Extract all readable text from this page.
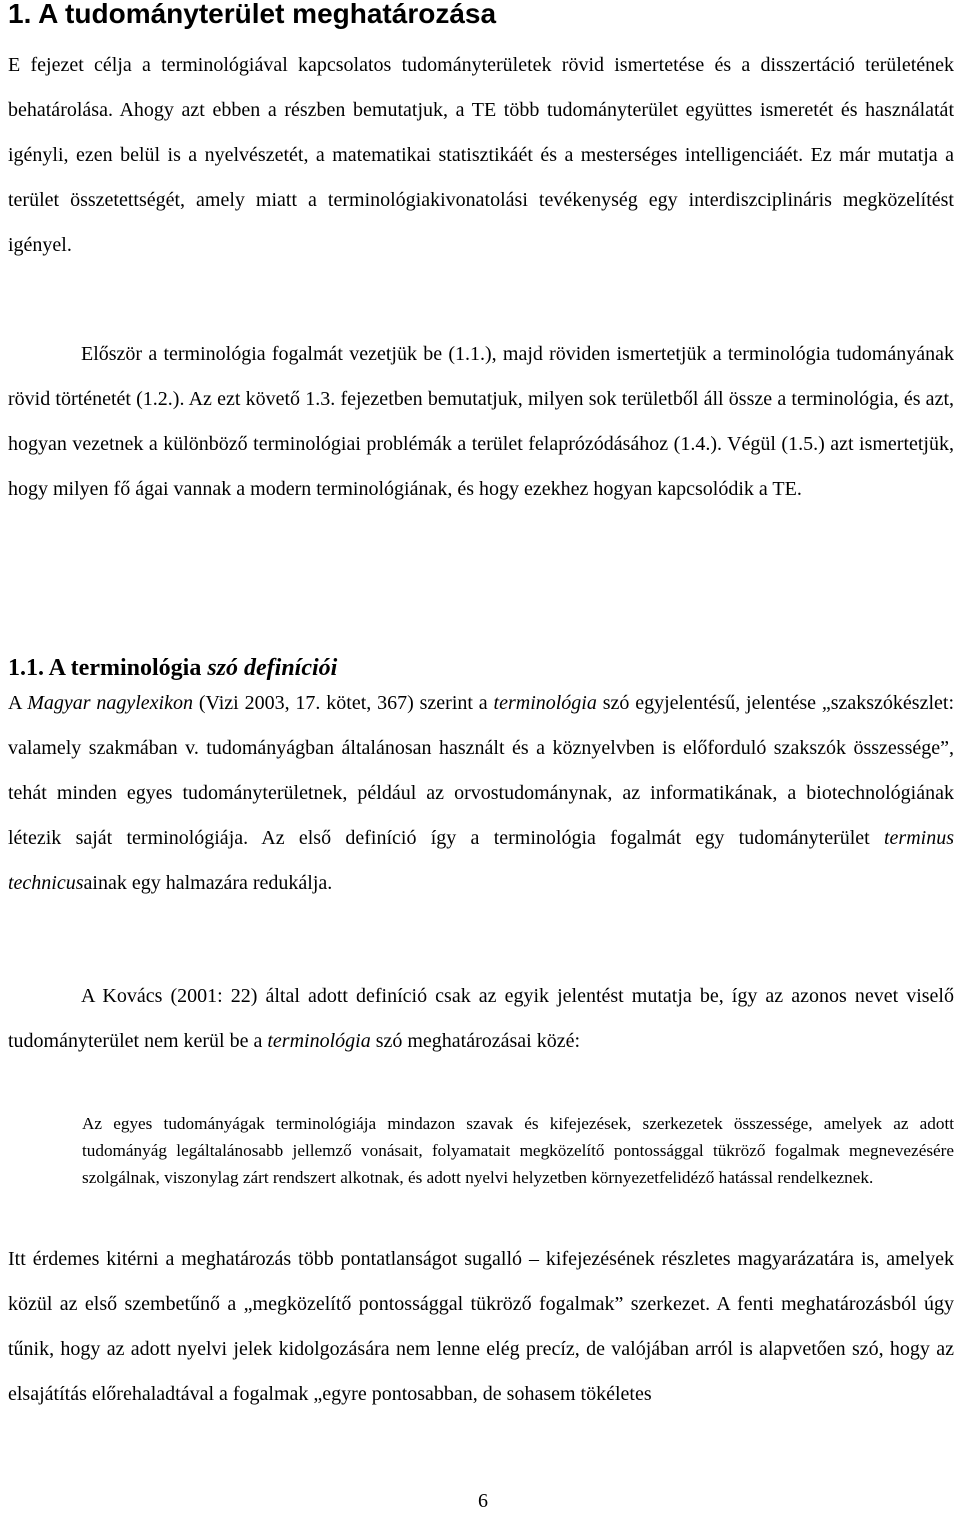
1. A tudományterület meghatározása

E fejezet célja a terminológiával kapcsolatos tudományterületek rövid ismertetése és a disszertáció területének behatárolása. Ahogy azt ebben a részben bemutatjuk, a TE több tudományterület együttes ismeretét és használatát igényli, ezen belül is a nyelvészetét, a matematikai statisztikáét és a mesterséges intelligenciáét. Ez már mutatja a terület összetettségét, amely miatt a terminológiakivonatolási tevékenység egy interdiszciplináris megközelítést igényel.

Először a terminológia fogalmát vezetjük be (1.1.), majd röviden ismertetjük a terminológia tudományának rövid történetét (1.2.). Az ezt követő 1.3. fejezetben bemutatjuk, milyen sok területből áll össze a terminológia, és azt, hogyan vezetnek a különböző terminológiai problémák a terület felaprózódásához (1.4.). Végül (1.5.) azt ismertetjük, hogy milyen fő ágai vannak a modern terminológiának, és hogy ezekhez hogyan kapcsolódik a TE.

1.1. A terminológia szó definíciói

A Magyar nagylexikon (Vizi 2003, 17. kötet, 367) szerint a terminológia szó egyjelentésű, jelentése „szakszókészlet: valamely szakmában v. tudományágban általánosan használt és a köznyelvben is előforduló szakszók összessége”, tehát minden egyes tudományterületnek, például az orvostudománynak, az informatikának, a biotechnológiának létezik saját terminológiája. Az első definíció így a terminológia fogalmát egy tudományterület terminus technicusainak egy halmazára redukálja.

A Kovács (2001: 22) által adott definíció csak az egyik jelentést mutatja be, így az azonos nevet viselő tudományterület nem kerül be a terminológia szó meghatározásai közé:

Az egyes tudományágak terminológiája mindazon szavak és kifejezések, szerkezetek összessége, amelyek az adott tudományág legáltalánosabb jellemző vonásait, folyamatait megközelítő pontossággal tükröző fogalmak megnevezésére szolgálnak, viszonylag zárt rendszert alkotnak, és adott nyelvi helyzetben környezetfelidéző hatással rendelkeznek.

Itt érdemes kitérni a meghatározás több pontatlanságot sugalló – kifejezésének részletes magyarázatára is, amelyek közül az első szembetűnő a „megközelítő pontossággal tükröző fogalmak” szerkezet. A fenti meghatározásból úgy tűnik, hogy az adott nyelvi jelek kidolgozására nem lenne elég precíz, de valójában arról is alapvetően szó, hogy az elsajátítás előrehaladtával a fogalmak „egyre pontosabban, de sohasem tökéletes

6
